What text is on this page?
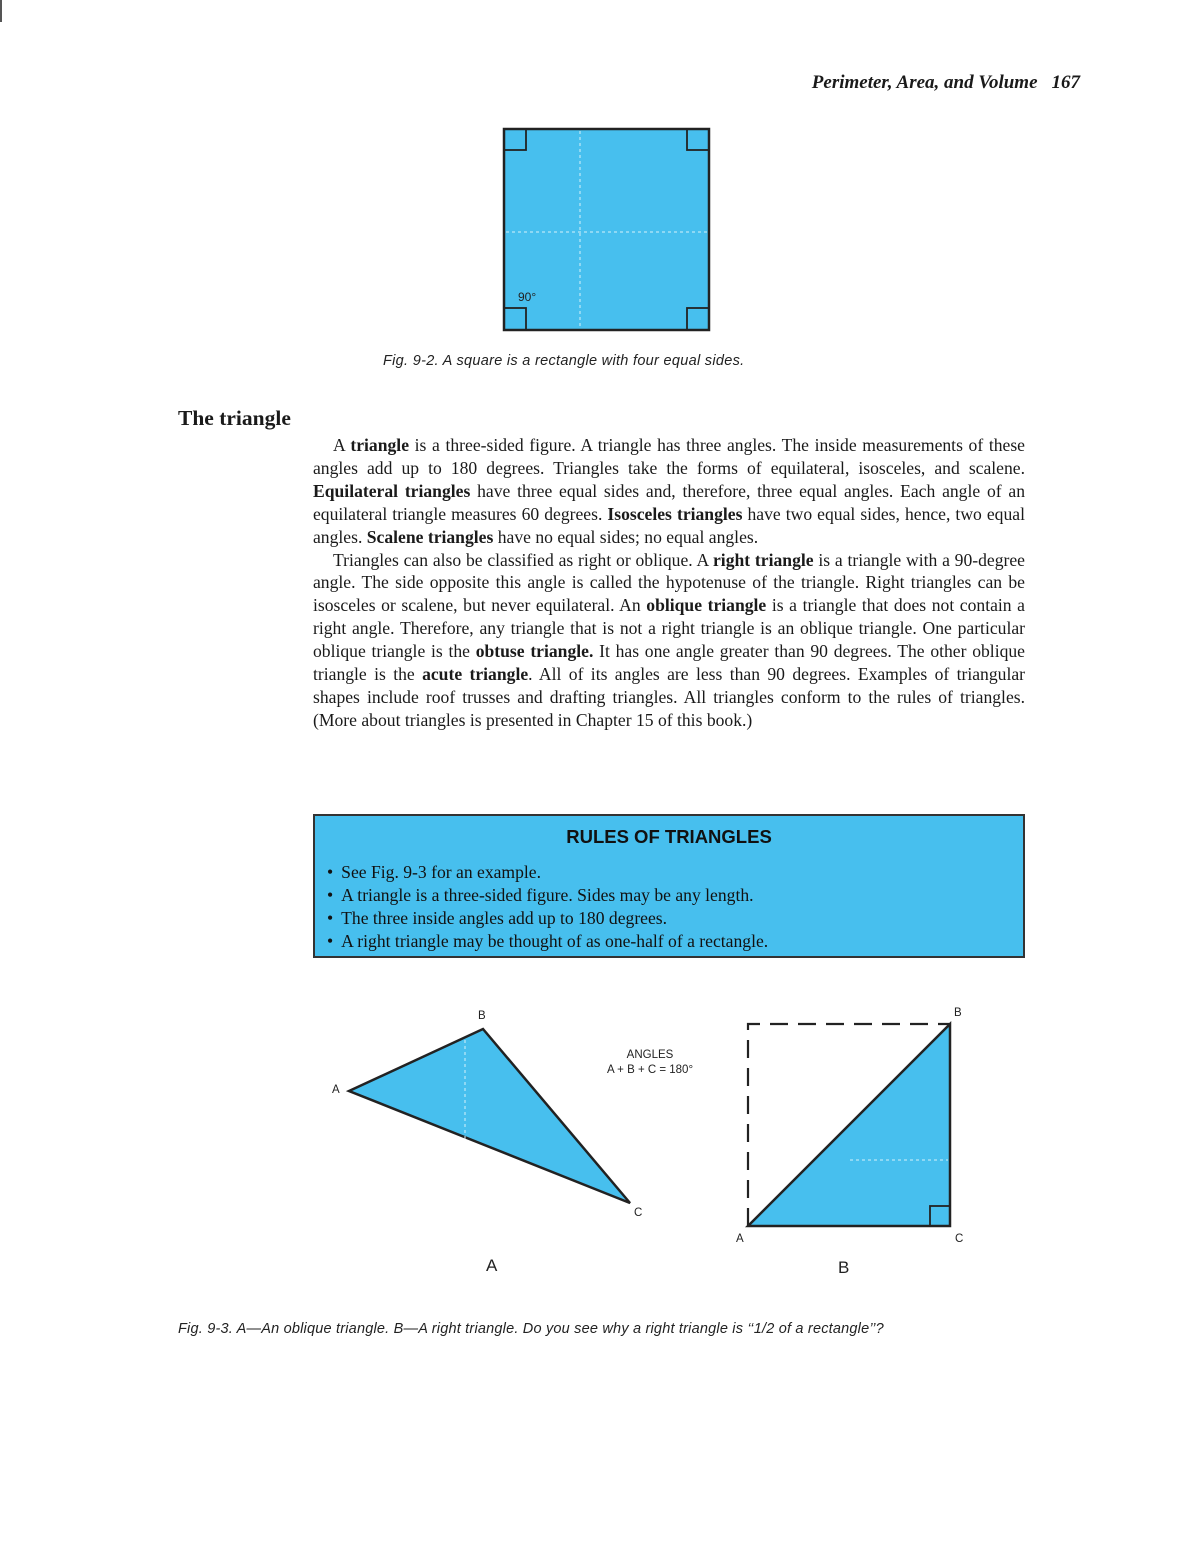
Perimeter, Area, and Volume 167
90°
Fig. 9-2. A square is a rectangle with four equal sides.
The triangle

A triangle is a three-sided figure. A triangle has three angles. The inside measurements of these angles add up to 180 degrees. Triangles take the forms of equilateral, isosceles, and scalene. Equilateral triangles have three equal sides and, therefore, three equal angles. Each angle of an equilateral triangle measures 60 degrees. Isosceles triangles have two equal sides, hence, two equal angles. Scalene triangles have no equal sides; no equal angles.

Triangles can also be classified as right or oblique. A right triangle is a triangle with a 90-degree angle. The side opposite this angle is called the hypotenuse of the triangle. Right triangles can be isosceles or scalene, but never equilateral. An oblique triangle is a triangle that does not contain a right angle. Therefore, any triangle that is not a right triangle is an oblique triangle. One particular oblique triangle is the obtuse triangle. It has one angle greater than 90 degrees. The other oblique triangle is the acute triangle. All of its angles are less than 90 degrees. Examples of triangular shapes include roof trusses and drafting triangles. All triangles conform to the rules of triangles. (More about triangles is presented in Chapter 15 of this book.)

RULES OF TRIANGLES
• See Fig. 9-3 for an example.
• A triangle is a three-sided figure. Sides may be any length.
• The three inside angles add up to 180 degrees.
• A right triangle may be thought of as one-half of a rectangle.
B
A
C
A
ANGLES
A + B + C = 180°
B
A	C
B
Fig. 9-3. A—An oblique triangle. B—A right triangle. Do you see why a right triangle is ‘‘1/2 of a rectangle’’?
